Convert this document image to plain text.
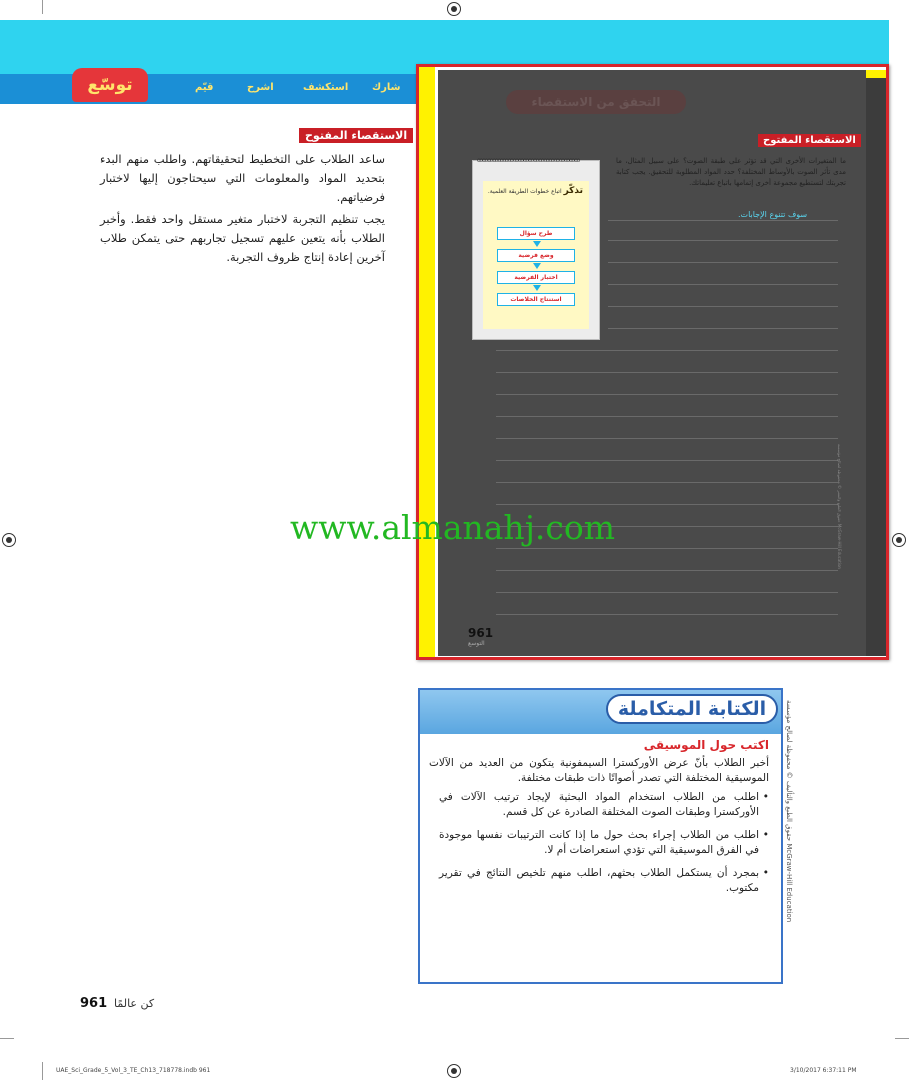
شارك
استكشف
اشرح
قيّم
توسّع
الاستقصاء المفتوح

ساعد الطلاب على التخطيط لتحقيقاتهم. واطلب منهم البدء بتحديد المواد والمعلومات التي سيحتاجون إليها لاختبار فرضياتهم.

يجب تنظيم التجربة لاختبار متغير مستقل واحد فقط. وأخبر الطلاب بأنه يتعين عليهم تسجيل تجاربهم حتى يتمكن طلاب آخرين إعادة إنتاج ظروف التجربة.

التحقق من الاستقصاء
الاستقصاء المفتوح

ما المتغيرات الأخرى التي قد تؤثر على طبقة الصوت؟ على سبيل المثال، ما مدى تأثر الصوت بالأوساط المختلفة؟ حدد المواد المطلوبة للتحقيق. يجب كتابة تجربتك لتستطيع مجموعة أخرى إتمامها باتباع تعليماتك.

سوف تتنوع الإجابات.
ꝏꝏꝏꝏꝏꝏꝏꝏꝏꝏꝏꝏꝏꝏꝏꝏꝏꝏꝏꝏ
تذكّر اتباع خطوات الطريقة العلمية.
طرح سؤال
وضع فرضية
اختبار الفرضية
استنتاج الخلاصات
961
التوسع
حقوق الطبع والنشر © محفوظة لصالح مؤسسة McGraw-Hill Education
www.almanahj.com
الكتابة المتكاملة
اكتب حول الموسيقى

أخبر الطلاب بأنّ عرض الأوركسترا السيمفونية يتكون من العديد من الآلات الموسيقية المختلفة التي تصدر أصواتًا ذات طبقات مختلفة.

• اطلب من الطلاب استخدام المواد البحثية لإيجاد ترتيب الآلات في الأوركسترا وطبقات الصوت المختلفة الصادرة عن كل قسم.

• اطلب من الطلاب إجراء بحث حول ما إذا كانت الترتيبات نفسها موجودة في الفرق الموسيقية التي تؤدي استعراضات أم لا.

• بمجرد أن يستكمل الطلاب بحثهم، اطلب منهم تلخيص النتائج في تقرير مكتوب.

حقوق الطبع والتأليف © محفوظة لصالح مؤسسة McGraw-Hill Education
961 كن عالمًا
UAE_Sci_Grade_5_Vol_3_TE_Ch13_718778.indb 961	3/10/2017 6:37:11 PM
